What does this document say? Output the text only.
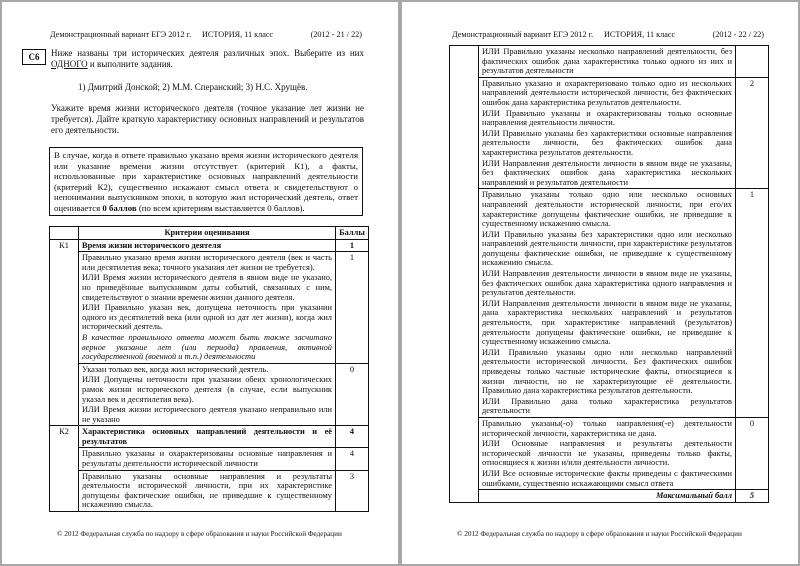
Демонстрационный вариант ЕГЭ 2012 г. ИСТОРИЯ, 11 класс	(2012 - 21 / 22)
С6	Ниже названы три исторических деятеля различных эпох. Выберите из них ОДНОГО и выполните задания.
1) Дмитрий Донской; 2) М.М. Сперанский; 3) Н.С. Хрущёв.
Укажите время жизни исторического деятеля (точное указание лет жизни не требуется). Дайте краткую характеристику основных направлений и результатов его деятельности.
В случае, когда в ответе правильно указано время жизни исторического деятеля или указание времени жизни отсутствует (критерий К1), а факты, использованные при характеристике основных направлений деятельности (критерий К2), существенно искажают смысл ответа и свидетельствуют о непонимании выпускником эпохи, в которую жил исторический деятель, ответ оценивается 0 баллов (по всем критериям выставляется 0 баллов).
	Критерии оценивания	Баллы
К1	Время жизни исторического деятеля	1

	Правильно указано время жизни исторического деятеля (век и часть или десятилетия века; точного указания лет жизни не требуется).

ИЛИ Время жизни исторического деятеля в явном виде не указано, но приведённые выпускником даты событий, связанных с ним, свидетельствуют о знании времени жизни данного деятеля.

ИЛИ Правильно указан век, допущена неточность при указании одного из десятилетий века (или одной из дат лет жизни), когда жил исторический деятель.

В качестве правильного ответа может быть также засчитано верное указание лет (или периода) правления, активной государственной (военной и т.п.) деятельности	1

	Указан только век, когда жил исторический деятель.

ИЛИ Допущены неточности при указании обеих хронологических рамок жизни исторического деятеля (в случае, если выпускник указал век и десятилетия века).

ИЛИ Время жизни исторического деятеля указано неправильно или не указано	0
К2	Характеристика основных направлений деятельности и её результатов	4

	Правильно указаны и охарактеризованы основные направления и результаты деятельности исторической личности	4

	Правильно указаны основные направления и результаты деятельности исторической личности, при их характеристике допущены фактические ошибки, не приведшие к существенному искажению смысла.	3
© 2012 Федеральная служба по надзору в сфере образования и науки Российской Федерации
Демонстрационный вариант ЕГЭ 2012 г. ИСТОРИЯ, 11 класс	(2012 - 22 / 22)

	ИЛИ Правильно указаны несколько направлений деятельности, без фактических ошибок дана характеристика только одного из них и результатов деятельности	

	Правильно указано и охарактеризовано только одно из нескольких направлений деятельности исторической личности, без фактических ошибок дана характеристика результатов деятельности.

ИЛИ Правильно указаны и охарактеризованы только основные направления деятельности личности.

ИЛИ Правильно указаны без характеристики основные направления деятельности личности, без фактических ошибок дана характеристика результатов деятельности.

ИЛИ Направления деятельности личности в явном виде не указаны, без фактических ошибок дана характеристика нескольких направлений и результатов деятельности	2

Правильно указаны только одно или несколько основных направлений деятельности исторической личности, при его/их характеристике допущены фактические ошибки, не приведшие к существенному искажению смысла.

ИЛИ Правильно указаны без характеристики одно или несколько направлений деятельности личности, при характеристике результатов допущены фактические ошибки, не приведшие к существенному искажению смысла.

ИЛИ Направления деятельности личности в явном виде не указаны, без фактических ошибок дана характеристика одного направления и результатов деятельности.

ИЛИ Направления деятельности личности в явном виде не указаны, дана характеристика нескольких направлений и результатов деятельности, при характеристике направлений (результатов) деятельности допущены фактические ошибки, не приведшие к существенному искажению смысла.

ИЛИ Правильно указаны одно или несколько направлений деятельности исторической личности. Без фактических ошибок приведены только частные исторические факты, относящиеся к жизни личности, но не характеризующие её деятельности. Правильно дана характеристика результатов деятельности.

ИЛИ Правильно дана только характеристика результатов деятельности

	1

	Правильно указаны(-о) только направления(-е) деятельности исторической личности, характеристика не дана.

ИЛИ Основные направления и результаты деятельности исторической личности не указаны, приведены только факты, относящиеся к жизни и/или деятельности личности.

ИЛИ Все основные исторические факты приведены с фактическими ошибками, существенно искажающими смысл ответа	0
	Максимальный балл	5
© 2012 Федеральная служба по надзору в сфере образования и науки Российской Федерации
